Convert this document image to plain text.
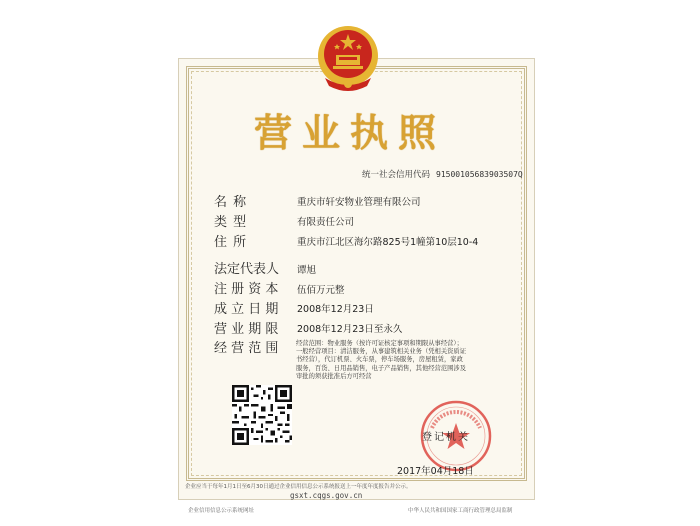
营业执照
统一社会信用代码 91500105683903507Q
名 称	重庆市轩安物业管理有限公司
类 型	有限责任公司
住 所	重庆市江北区海尔路825号1幢第10层10-4
法定代表人 谭旭
注 册 资 本 伍佰万元整
成 立 日 期 2008年12月23日
营 业 期 限 2008年12月23日至永久
经 营 范 围	经营范围：物业服务（按许可证核定事项和期限从事经营）；一般经营项目：清洁服务，从事建筑相关业务（凭相关资质证书经营），代订机票、火车票，停车场服务，房屋租赁，家政服务，百货、日用品销售，电子产品销售，其他经营范围涉及审批的须获批准后方可经营
登记机关
2017年04月18日
企业应当于每年1月1日至6月30日通过企业信用信息公示系统报送上一年度年度报告并公示。
gsxt.cqgs.gov.cn
企业信用信息公示系统网址	中华人民共和国国家工商行政管理总局监制
